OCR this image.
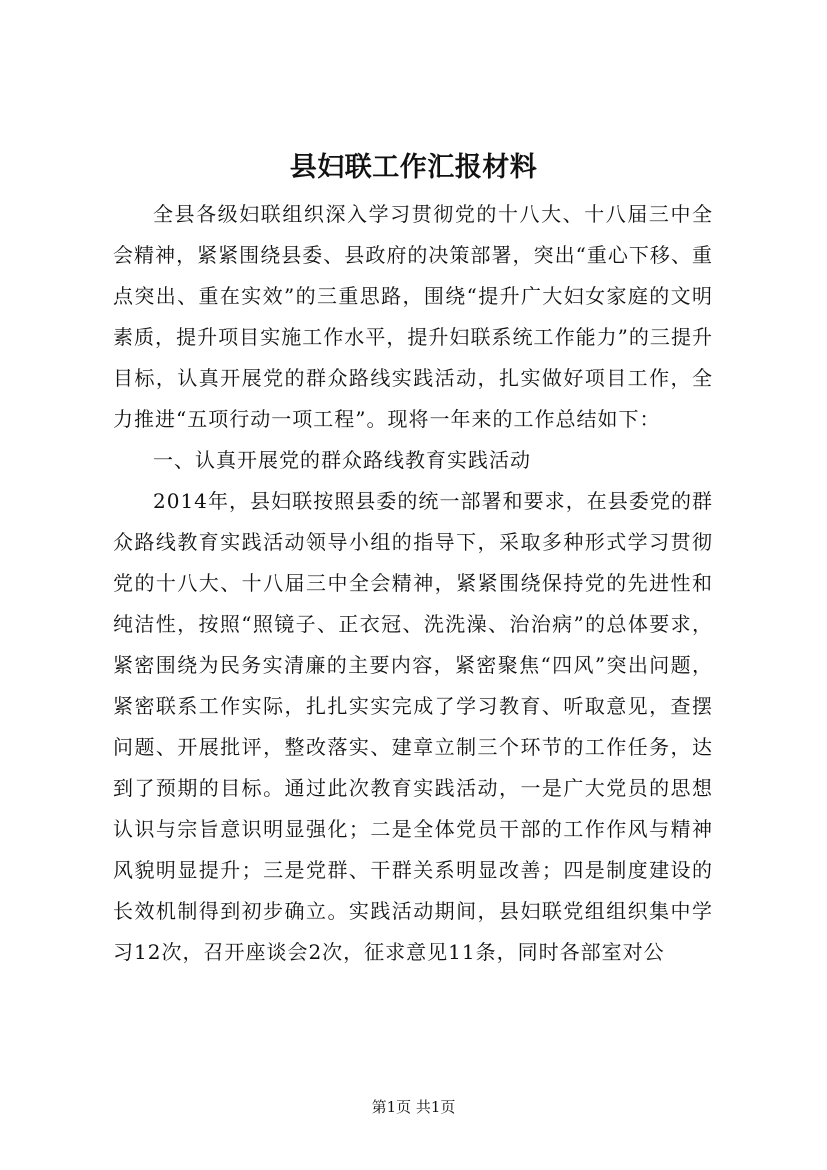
县妇联工作汇报材料

全县各级妇联组织深入学习贯彻党的十八大、十八届三中全会精神，紧紧围绕县委、县政府的决策部署，突出“重心下移、重点突出、重在实效”的三重思路，围绕“提升广大妇女家庭的文明素质，提升项目实施工作水平，提升妇联系统工作能力”的三提升目标，认真开展党的群众路线实践活动，扎实做好项目工作，全力推进“五项行动一项工程”。现将一年来的工作总结如下：

一、认真开展党的群众路线教育实践活动

2014年，县妇联按照县委的统一部署和要求，在县委党的群众路线教育实践活动领导小组的指导下，采取多种形式学习贯彻党的十八大、十八届三中全会精神，紧紧围绕保持党的先进性和纯洁性，按照“照镜子、正衣冠、洗洗澡、治治病”的总体要求，紧密围绕为民务实清廉的主要内容，紧密聚焦“四风”突出问题，紧密联系工作实际，扎扎实实完成了学习教育、听取意见，查摆问题、开展批评，整改落实、建章立制三个环节的工作任务，达到了预期的目标。通过此次教育实践活动，一是广大党员的思想认识与宗旨意识明显强化；二是全体党员干部的工作作风与精神风貌明显提升；三是党群、干群关系明显改善；四是制度建设的长效机制得到初步确立。实践活动期间，县妇联党组组织集中学习12次，召开座谈会2次，征求意见11条，同时各部室对公

第1页 共1页
